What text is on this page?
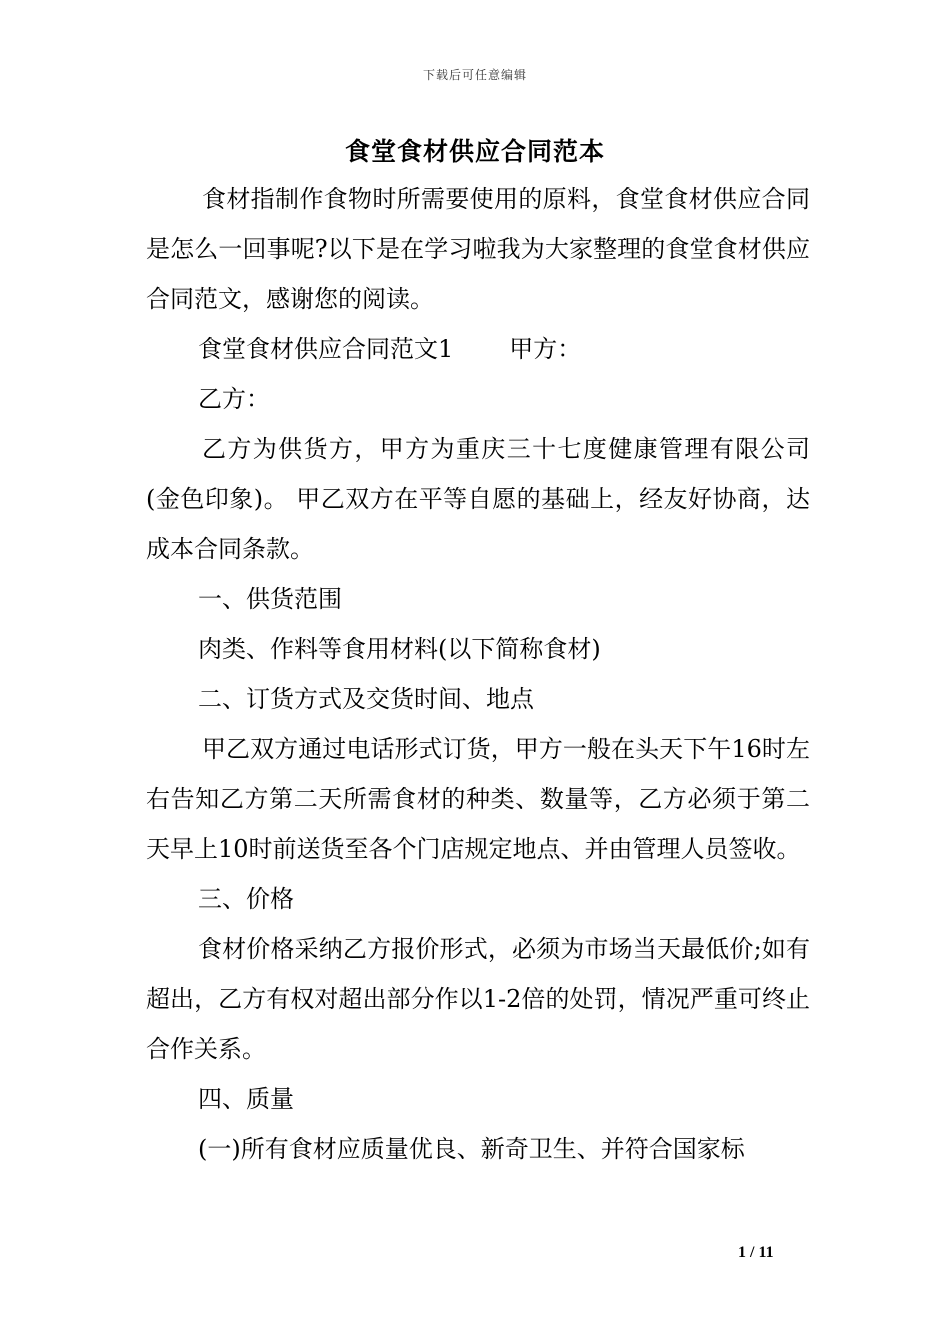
下载后可任意编辑
食堂食材供应合同范本

食材指制作食物时所需要使用的原料，食堂食材供应合同是怎么一回事呢?以下是在学习啦我为大家整理的食堂食材供应合同范文，感谢您的阅读。

食堂食材供应合同范文1 甲方：

乙方：

乙方为供货方，甲方为重庆三十七度健康管理有限公司(金色印象)。 甲乙双方在平等自愿的基础上，经友好协商，达成本合同条款。

一、供货范围

肉类、作料等食用材料(以下简称食材)

二、订货方式及交货时间、地点

甲乙双方通过电话形式订货，甲方一般在头天下午16时左右告知乙方第二天所需食材的种类、数量等，乙方必须于第二天早上10时前送货至各个门店规定地点、并由管理人员签收。

三、价格

食材价格采纳乙方报价形式，必须为市场当天最低价;如有超出，乙方有权对超出部分作以1-2倍的处罚，情况严重可终止合作关系。

四、质量

(一)所有食材应质量优良、新奇卫生、并符合国家标

1 / 11
